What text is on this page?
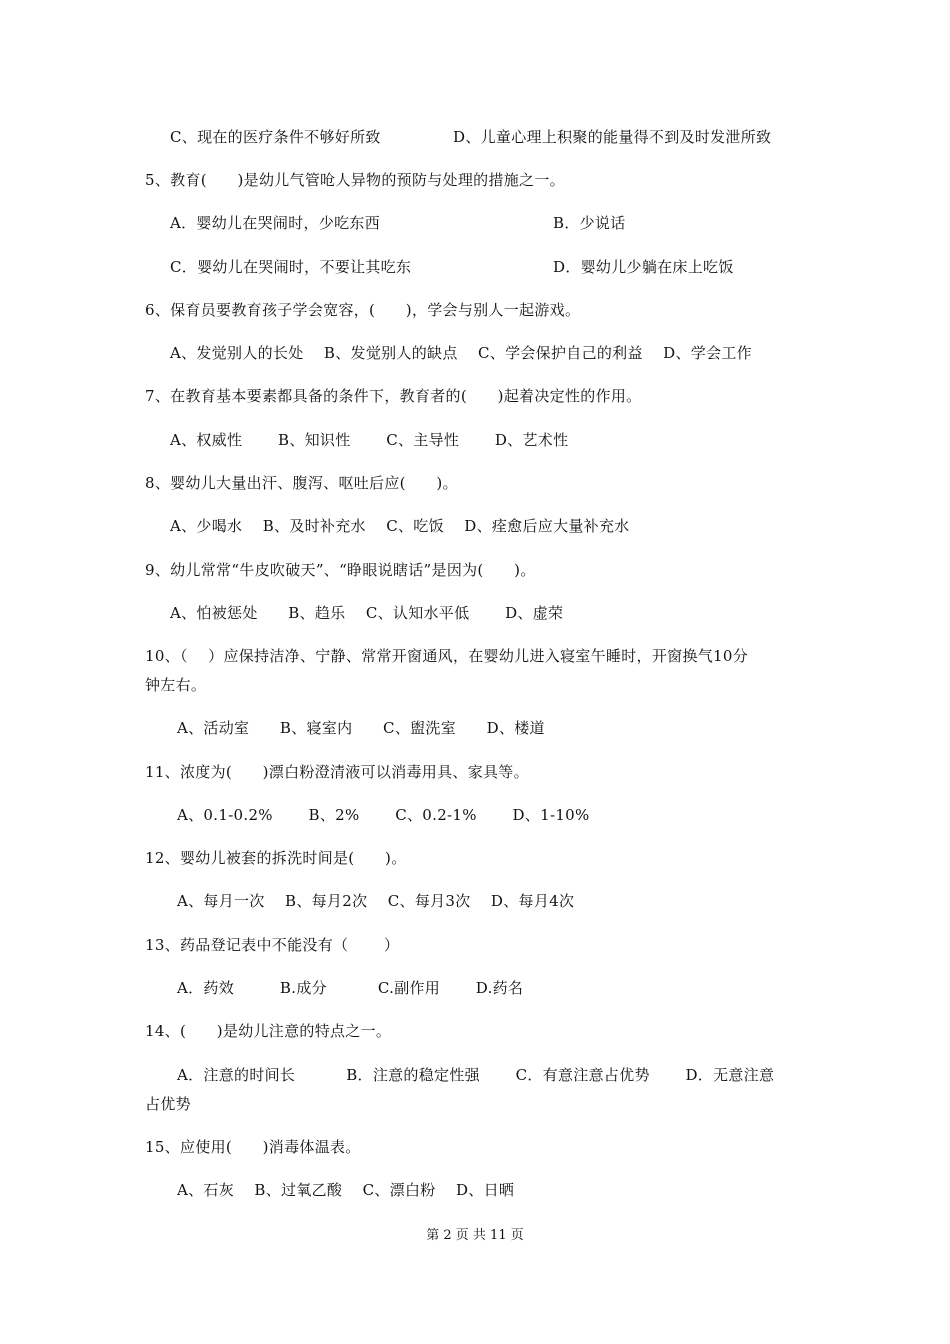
C、现在的医疗条件不够好所致	D、儿童心理上积聚的能量得不到及时发泄所致
5、教育(　　)是幼儿气管呛人异物的预防与处理的措施之一。
A．婴幼儿在哭闹时，少吃东西	B．少说话
C．婴幼儿在哭闹时，不要让其吃东	D．婴幼儿少躺在床上吃饭
6、保育员要教育孩子学会宽容，(　　)，学会与别人一起游戏。
A、发觉别人的长处　 B、发觉别人的缺点　 C、学会保护自己的利益　 D、学会工作
7、在教育基本要素都具备的条件下，教育者的(　　)起着决定性的作用。
A、权威性　　 B、知识性　　 C、主导性　　 D、艺术性
8、婴幼儿大量出汗、腹泻、呕吐后应(　　)。
A、少喝水　 B、及时补充水　 C、吃饭　 D、痊愈后应大量补充水
9、幼儿常常“牛皮吹破天”、“睁眼说瞎话”是因为(　　)。
A、怕被惩处　　B、趋乐　 C、认知水平低　　 D、虚荣
10、（　 ）应保持洁净、宁静、常常开窗通风，在婴幼儿进入寝室午睡时，开窗换气10分
钟左右。
A、活动室　　B、寝室内　　C、盥洗室　　D、楼道
11、浓度为(　　)漂白粉澄清液可以消毒用具、家具等。
A、0.1-0.2%　　 B、2%　　 C、0.2-1%　　 D、1-10%
12、婴幼儿被套的拆洗时间是(　　)。
A、每月一次　 B、每月2次　 C、每月3次　 D、每月4次
13、药品登记表中不能没有（　　 ）
A．药效　　　B.成分　　　 C.副作用　　 D.药名
14、(　　)是幼儿注意的特点之一。
A．注意的时间长　　　 B．注意的稳定性强　　 C．有意注意占优势　　 D．无意注意
占优势
15、应使用(　　)消毒体温表。
A、石灰　 B、过氧乙酸　 C、漂白粉　 D、日晒
第 2 页 共 11 页
